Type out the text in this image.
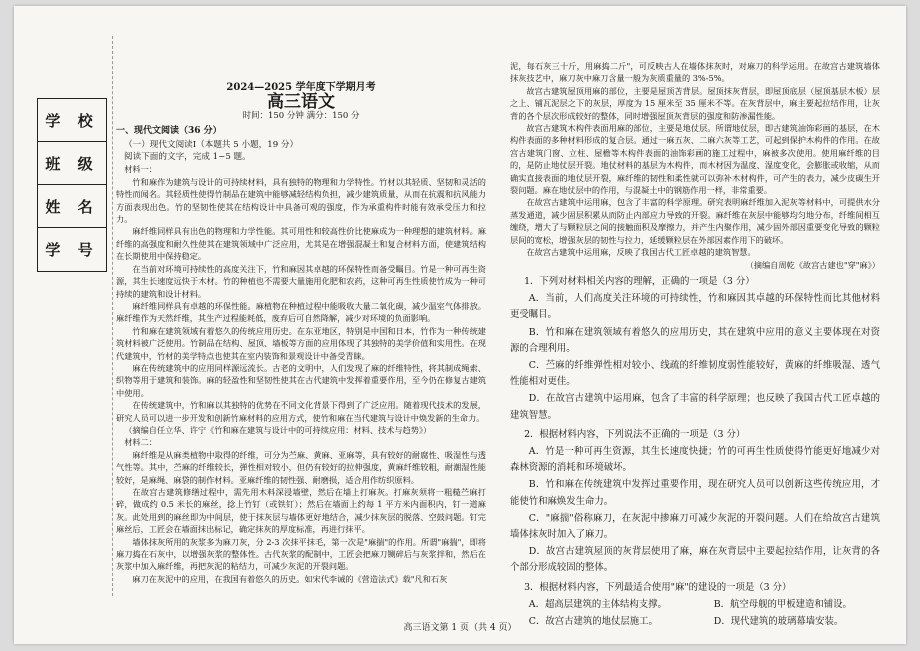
学 校
班 级
姓 名
学 号
2024—2025 学年度下学期月考
高三语文
时间：150 分钟 满分：150 分

一、现代文阅读（36 分）

（一）现代文阅读Ⅰ（本题共 5 小题，19 分）

阅读下面的文字，完成 1~5 题。

材料一：

竹和麻作为建筑与设计的可持续材料，具有独特的物理和力学特性。竹材以其轻质、坚韧和灵活的特性而闻名。其轻质性使得竹制品在建筑中能够减轻结构负担，减少建筑质量，从而在抗震和抗风能力方面表现出色。竹的坚韧性使其在结构设计中具备可观的强度，作为承重构件时能有效承受压力和拉力。

麻纤维同样具有出色的物理和力学性能。其可用性和较高性价比使麻成为一种理想的建筑材料。麻纤维的高强度和耐久性使其在建筑领域中广泛应用，尤其是在增强混凝土和复合材料方面，使建筑结构在长期使用中保持稳定。

在当前对环境可持续性的高度关注下，竹和麻因其卓越的环保特性而备受瞩目。竹是一种可再生资源，其生长速度远快于木材。竹的种植也不需要大量施用化肥和农药，这种可再生性质使竹成为一种可持续的建筑和设计材料。

麻纤维同样具有卓越的环保性能。麻植物在种植过程中能吸收大量二氧化碳，减少温室气体排放。麻纤维作为天然纤维，其生产过程能耗低，废弃后可自然降解，减少对环境的负面影响。

竹和麻在建筑领域有着悠久的传统应用历史。在东亚地区，特别是中国和日本，竹作为一种传统建筑材料被广泛使用。竹制品在结构、屋顶、墙板等方面的应用体现了其独特的美学价值和实用性。在现代建筑中，竹材的美学特点也使其在室内装饰和景观设计中备受青睐。

麻在传统建筑中的应用同样源远流长。古老的文明中，人们发现了麻的纤维特性，将其制成绳索、织物等用于建筑和装饰。麻的轻盈性和坚韧性使其在古代建筑中发挥着重要作用，至今仍在修复古建筑中使用。

在传统建筑中，竹和麻以其独特的优势在不同文化背景下得到了广泛应用。随着现代技术的发展，研究人员可以进一步开发和创新竹麻材料的应用方式，使竹和麻在当代建筑与设计中焕发新的生命力。

（摘编自任立华、许宁《竹和麻在建筑与设计中的可持续应用：材料、技术与趋势》）

材料二：

麻纤维是从麻类植物中取得的纤维，可分为苎麻、黄麻、亚麻等，具有较好的耐腐性、吸湿性与透气性等。其中，苎麻的纤维较长，弹性相对较小，但仍有较好的拉伸强度，黄麻纤维较粗，耐潮湿性能较好，是麻绳、麻袋的制作材料。亚麻纤维的韧性强、耐磨损，适合用作纺织原料。

在故宫古建筑修缮过程中，需先用木料深浸墙壁，然后在墙上打麻灰。打麻灰须将一粗糙苎麻打碎，做成约 0.5 米长的麻丝，捻上竹钉（或铁钉）；然后在墙面上约每 1 平方米内面积内，钉一道麻灰。此处用到的麻丝即为中间层，使于抹灰层与墙体更好地结合，减少抹灰层的脱落、空鼓问题。钉完麻丝后，工匠会在墙面抹出标记，确定抹灰的厚度标准，再进行抹平。

墙体抹灰所用的灰浆多为麻刀灰，分 2-3 次抹平抹毛，第一次是"麻揣"的作用。所谓"麻揣"，即将麻刀捣在石灰中，以增强灰浆的整体性。古代灰浆的配制中，工匠会把麻刀铡碎后与灰浆拌和，然后在灰浆中加入麻纤维，再把灰泥的粘结力，可减少灰泥的开裂问题。

麻刀在灰泥中的应用，在我国有着悠久的历史。如宋代李诫的《营造法式》载"凡和石灰

泥，每石灰三十斤，用麻捣二斤"，可反映古人在墙体抹灰时，对麻刀的科学运用。在故宫古建筑墙体抹灰技艺中，麻刀灰中麻刀含量一般为灰质重量的 3%-5%。

故宫古建筑屋顶用麻的部位，主要是屋顶苫背层。屋顶抹灰背层，即屋顶底层（屋顶基层木板）层之上、铺瓦泥层之下的灰层，厚度为 15 厘米至 35 厘米不等。在灰背层中，麻主要起拉结作用，让灰背的各个层次形成较好的整体，同时增强屋顶灰背层的强度和防渗漏性能。

故宫古建筑木构件表面用麻的部位，主要是地仗层。所谓地仗层，即古建筑油饰彩画的基层，在木构件表面的多种材料形成的复合层。通过一麻五灰、二麻六灰等工艺，可起到保护木构件的作用。在故宫古建筑门窗、立柱、屋檐等木构件表面的油饰彩画的施工过程中，麻被多次使用。使用麻纤维的目的，是防止地仗层开裂。地仗材料的基层为木构件，而木材因为温度、湿度变化，会膨胀或收缩，从而确实直接表面的地仗层开裂，麻纤维的韧性和柔性就可以弥补木材构件，可产生的表力，减少皮碳生开裂问题。麻在地仗层中的作用，与混凝土中的钢筋作用一样，非常重要。

在故宫古建筑中运用麻，包含了丰富的科学原理。研究表明麻纤维加入泥灰等材料中，可提供水分蒸发通道，减少固层积累从而防止内部应力导致的开裂。麻纤维在灰层中能够均匀地分布，纤维间相互缠绕，增大了与颗粒层之间的接触面积及摩擦力，并产生内聚作用，减少固外部因重要变化导致的颗粒层间的宽松，增强灰层的韧性与拉力，延缓颗粒层在外部因素作用下的破坏。

在故宫古建筑中运用麻，反映了我国古代工匠卓越的建筑智慧。

（摘编自周乾《故宫古建也"穿"麻》）

1．下列对材料相关内容的理解，正确的一项是（3 分）

A．当前，人们高度关注环境的可持续性，竹和麻因其卓越的环保特性而比其他材料更受瞩目。

B．竹和麻在建筑领域有着悠久的应用历史，其在建筑中应用的意义主要体现在对资源的合理利用。

C．苎麻的纤维弹性相对较小、线疏的纤维韧度弱性能较好，黄麻的纤维吸湿、透气性能相对更佳。

D．在故宫古建筑中运用麻，包含了丰富的科学原理；也反映了我国古代工匠卓越的建筑智慧。

2．根据材料内容，下列说法不正确的一项是（3 分）

A．竹是一种可再生资源，其生长速度快捷；竹的可再生性质使得竹能更好地减少对森林资源的消耗和环境破坏。

B．竹和麻在传统建筑中发挥过重要作用，现在研究人员可以创新这些传统应用，才能使竹和麻焕发生命力。

C．"麻揣"俗称麻刀，在灰泥中掺麻刀可减少灰泥的开裂问题。人们在给故宫古建筑墙体抹灰时加入了麻刀。

D．故宫古建筑屋顶的灰背层使用了麻，麻在灰背层中主要起拉结作用，让灰背的各个部分形成较固的整体。

3．根据材料内容，下列最适合使用"麻"的建设的一项是（3 分）

A．超高层建筑的主体结构支撑。	B．航空母舰的甲板建造和铺设。
C．故宫古建筑的地仗层施工。	D．现代建筑的玻璃幕墙安装。
高三语文第 1 页（共 4 页）
